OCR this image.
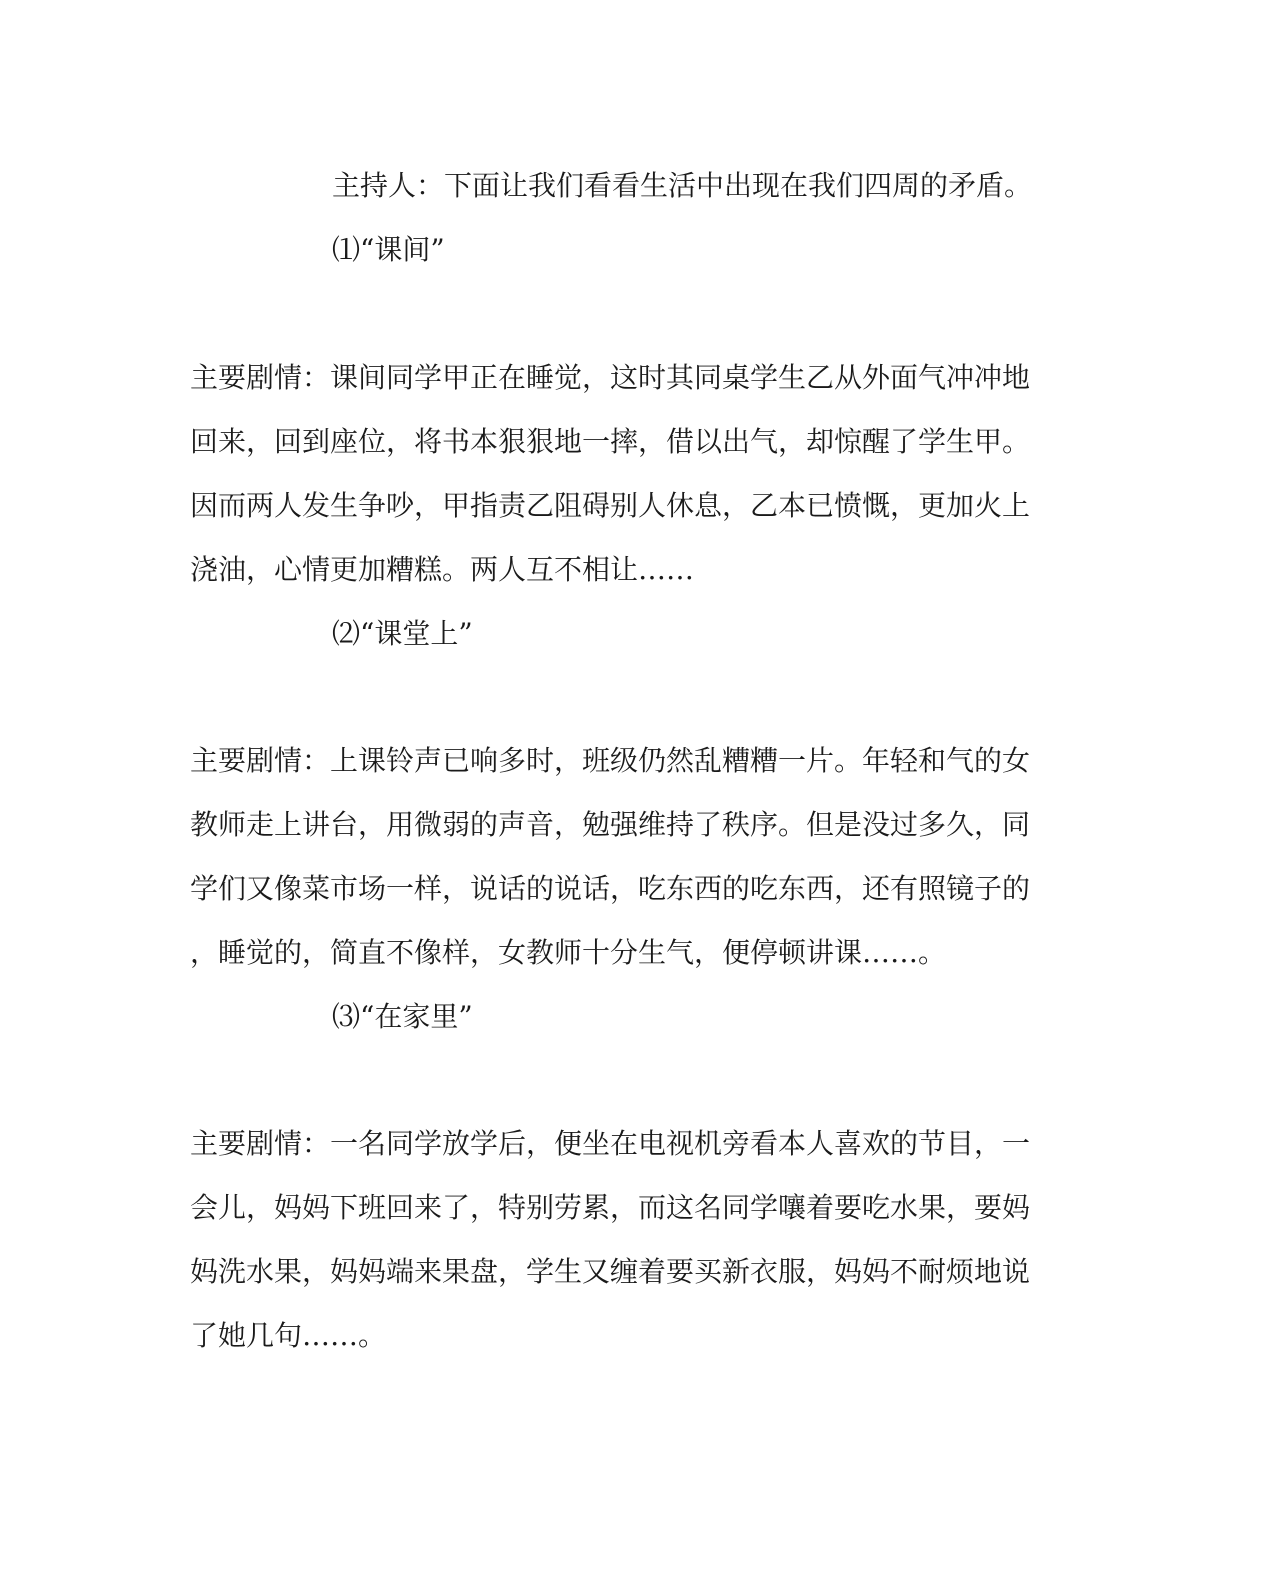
主持人：下面让我们看看生活中出现在我们四周的矛盾。
⑴“课间”
主要剧情：课间同学甲正在睡觉，这时其同桌学生乙从外面气冲冲地
回来，回到座位，将书本狠狠地一摔，借以出气，却惊醒了学生甲。
因而两人发生争吵，甲指责乙阻碍别人休息，乙本已愤慨，更加火上
浇油，心情更加糟糕。两人互不相让……
⑵“课堂上”
主要剧情：上课铃声已响多时，班级仍然乱糟糟一片。年轻和气的女
教师走上讲台，用微弱的声音，勉强维持了秩序。但是没过多久，同
学们又像菜市场一样，说话的说话，吃东西的吃东西，还有照镜子的
，睡觉的，简直不像样，女教师十分生气，便停顿讲课……。
⑶“在家里”
主要剧情：一名同学放学后，便坐在电视机旁看本人喜欢的节目，一
会儿，妈妈下班回来了，特别劳累，而这名同学嚷着要吃水果，要妈
妈洗水果，妈妈端来果盘，学生又缠着要买新衣服，妈妈不耐烦地说
了她几句……。
